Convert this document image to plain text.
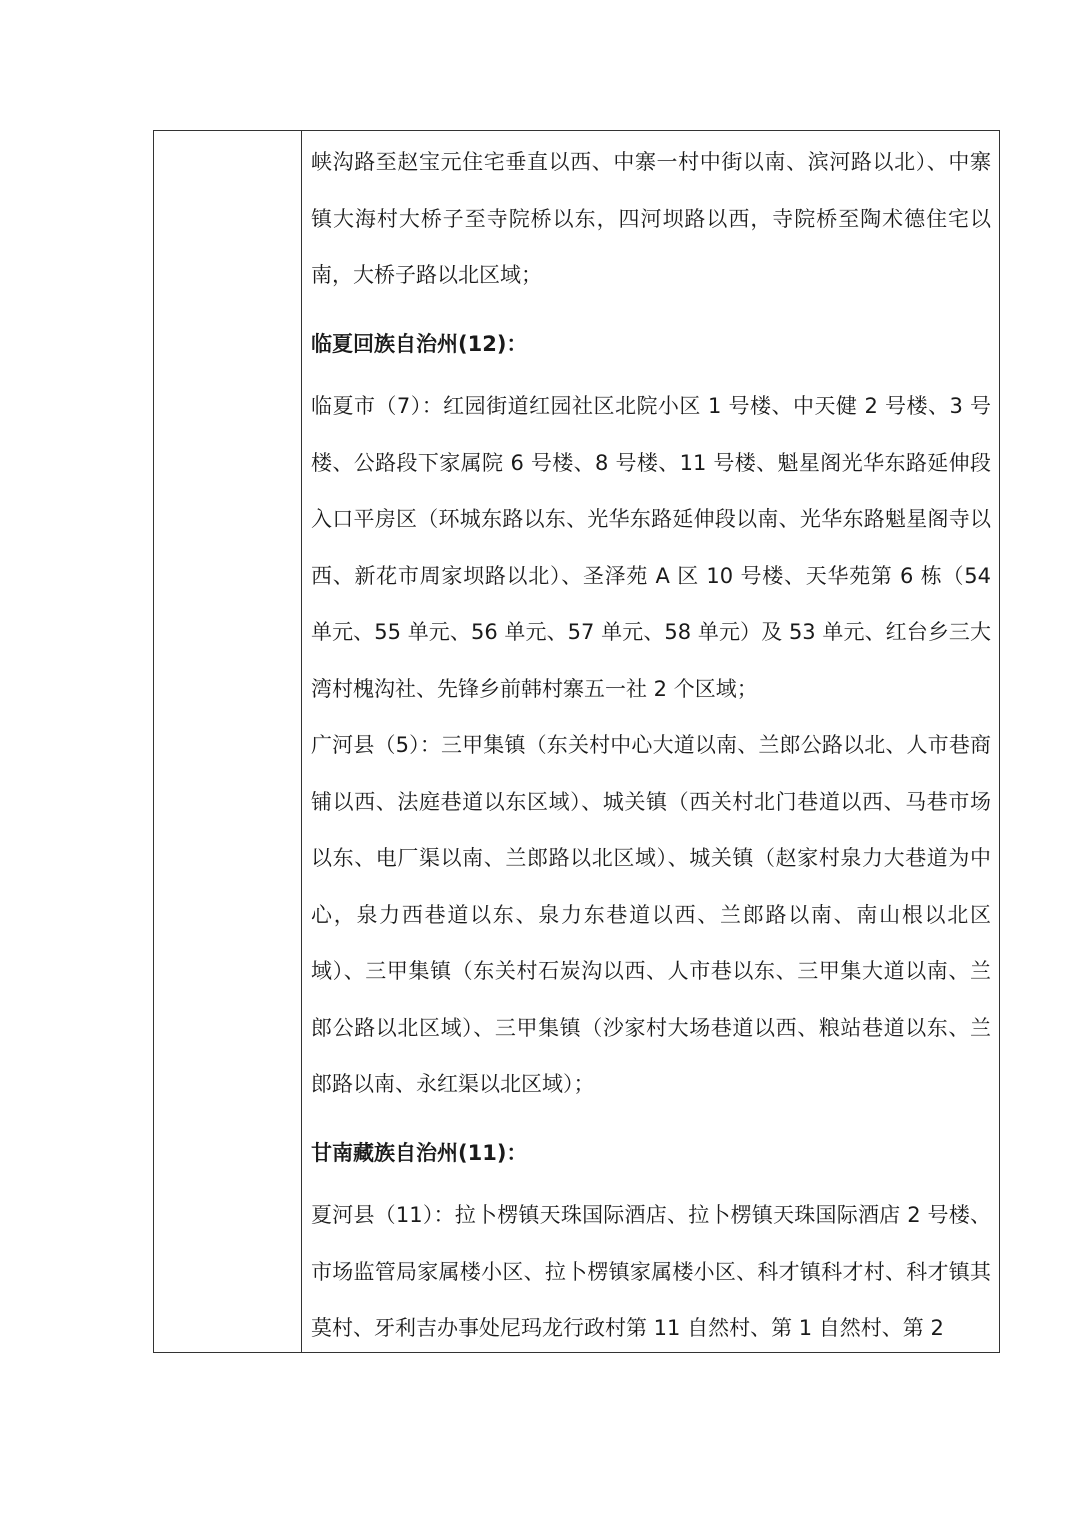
峡沟路至赵宝元住宅垂直以西、中寨一村中街以南、滨河路以北）、中寨镇大海村大桥子至寺院桥以东，四河坝路以西，寺院桥至陶术德住宅以南，大桥子路以北区域；

临夏回族自治州(12)：

临夏市（7）：红园街道红园社区北院小区 1 号楼、中天健 2 号楼、3 号楼、公路段下家属院 6 号楼、8 号楼、11 号楼、魁星阁光华东路延伸段入口平房区（环城东路以东、光华东路延伸段以南、光华东路魁星阁寺以西、新花市周家坝路以北）、圣泽苑 A 区 10 号楼、天华苑第 6 栋（54 单元、55 单元、56 单元、57 单元、58 单元）及 53 单元、红台乡三大湾村槐沟社、先锋乡前韩村寨五一社 2 个区域；

广河县（5）：三甲集镇（东关村中心大道以南、兰郎公路以北、人市巷商铺以西、法庭巷道以东区域）、城关镇（西关村北门巷道以西、马巷市场以东、电厂渠以南、兰郎路以北区域）、城关镇（赵家村泉力大巷道为中心，泉力西巷道以东、泉力东巷道以西、兰郎路以南、南山根以北区域）、三甲集镇（东关村石炭沟以西、人市巷以东、三甲集大道以南、兰郎公路以北区域）、三甲集镇（沙家村大场巷道以西、粮站巷道以东、兰郎路以南、永红渠以北区域）；

甘南藏族自治州(11)：

夏河县（11）：拉卜楞镇天珠国际酒店、拉卜楞镇天珠国际酒店 2 号楼、市场监管局家属楼小区、拉卜楞镇家属楼小区、科才镇科才村、科才镇其莫村、牙利吉办事处尼玛龙行政村第 11 自然村、第 1 自然村、第 2
